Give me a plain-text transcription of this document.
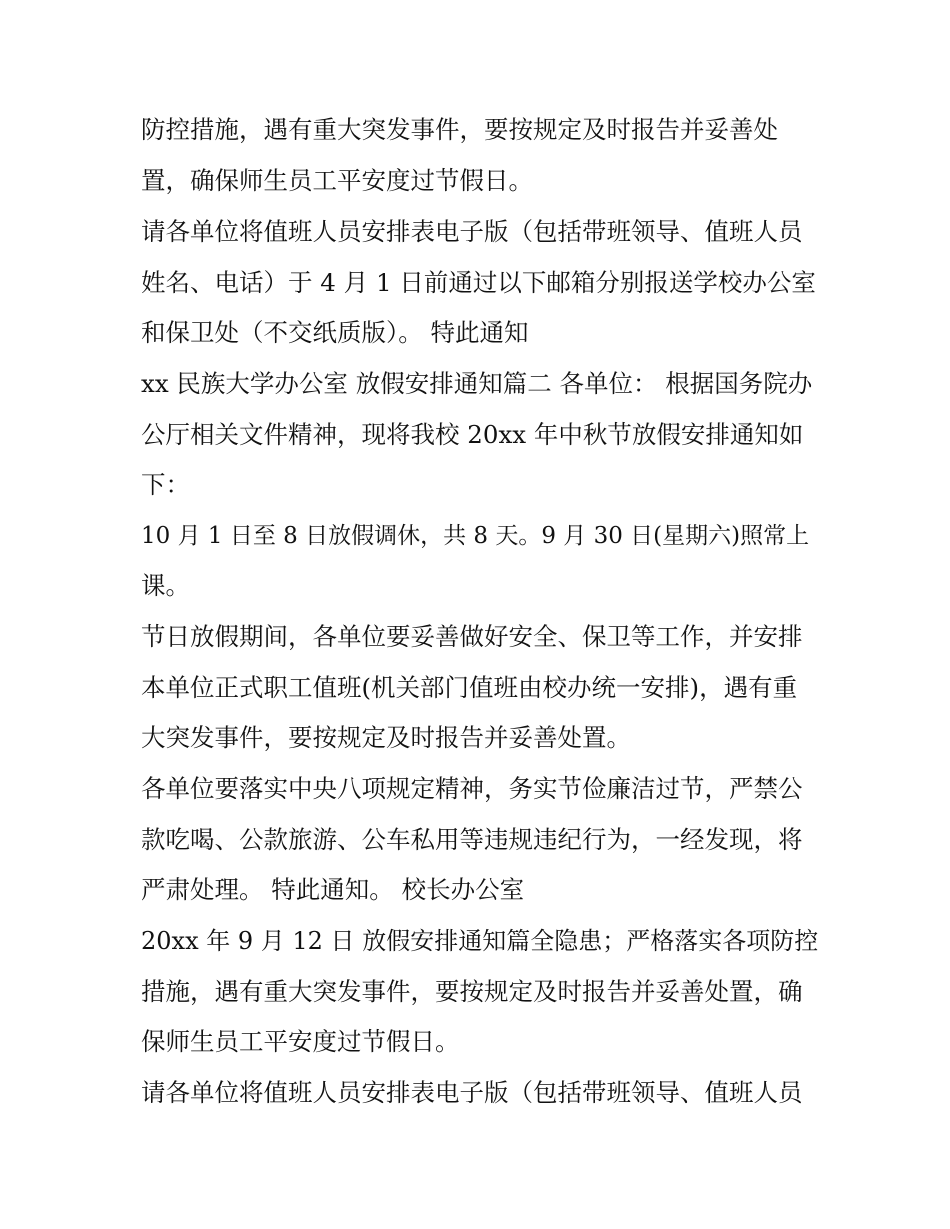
防控措施，遇有重大突发事件，要按规定及时报告并妥善处
置，确保师生员工平安度过节假日。
请各单位将值班人员安排表电子版（包括带班领导、值班人员
姓名、电话）于 4 月 1 日前通过以下邮箱分别报送学校办公室
和保卫处（不交纸质版）。 特此通知
xx 民族大学办公室 放假安排通知篇二 各单位： 根据国务院办
公厅相关文件精神，现将我校 20xx 年中秋节放假安排通知如
下：
10 月 1 日至 8 日放假调休，共 8 天。9 月 30 日(星期六)照常上
课。
节日放假期间，各单位要妥善做好安全、保卫等工作，并安排
本单位正式职工值班(机关部门值班由校办统一安排)，遇有重
大突发事件，要按规定及时报告并妥善处置。
各单位要落实中央八项规定精神，务实节俭廉洁过节，严禁公
款吃喝、公款旅游、公车私用等违规违纪行为，一经发现，将
严肃处理。 特此通知。 校长办公室
20xx 年 9 月 12 日 放假安排通知篇全隐患；严格落实各项防控
措施，遇有重大突发事件，要按规定及时报告并妥善处置，确
保师生员工平安度过节假日。
请各单位将值班人员安排表电子版（包括带班领导、值班人员
